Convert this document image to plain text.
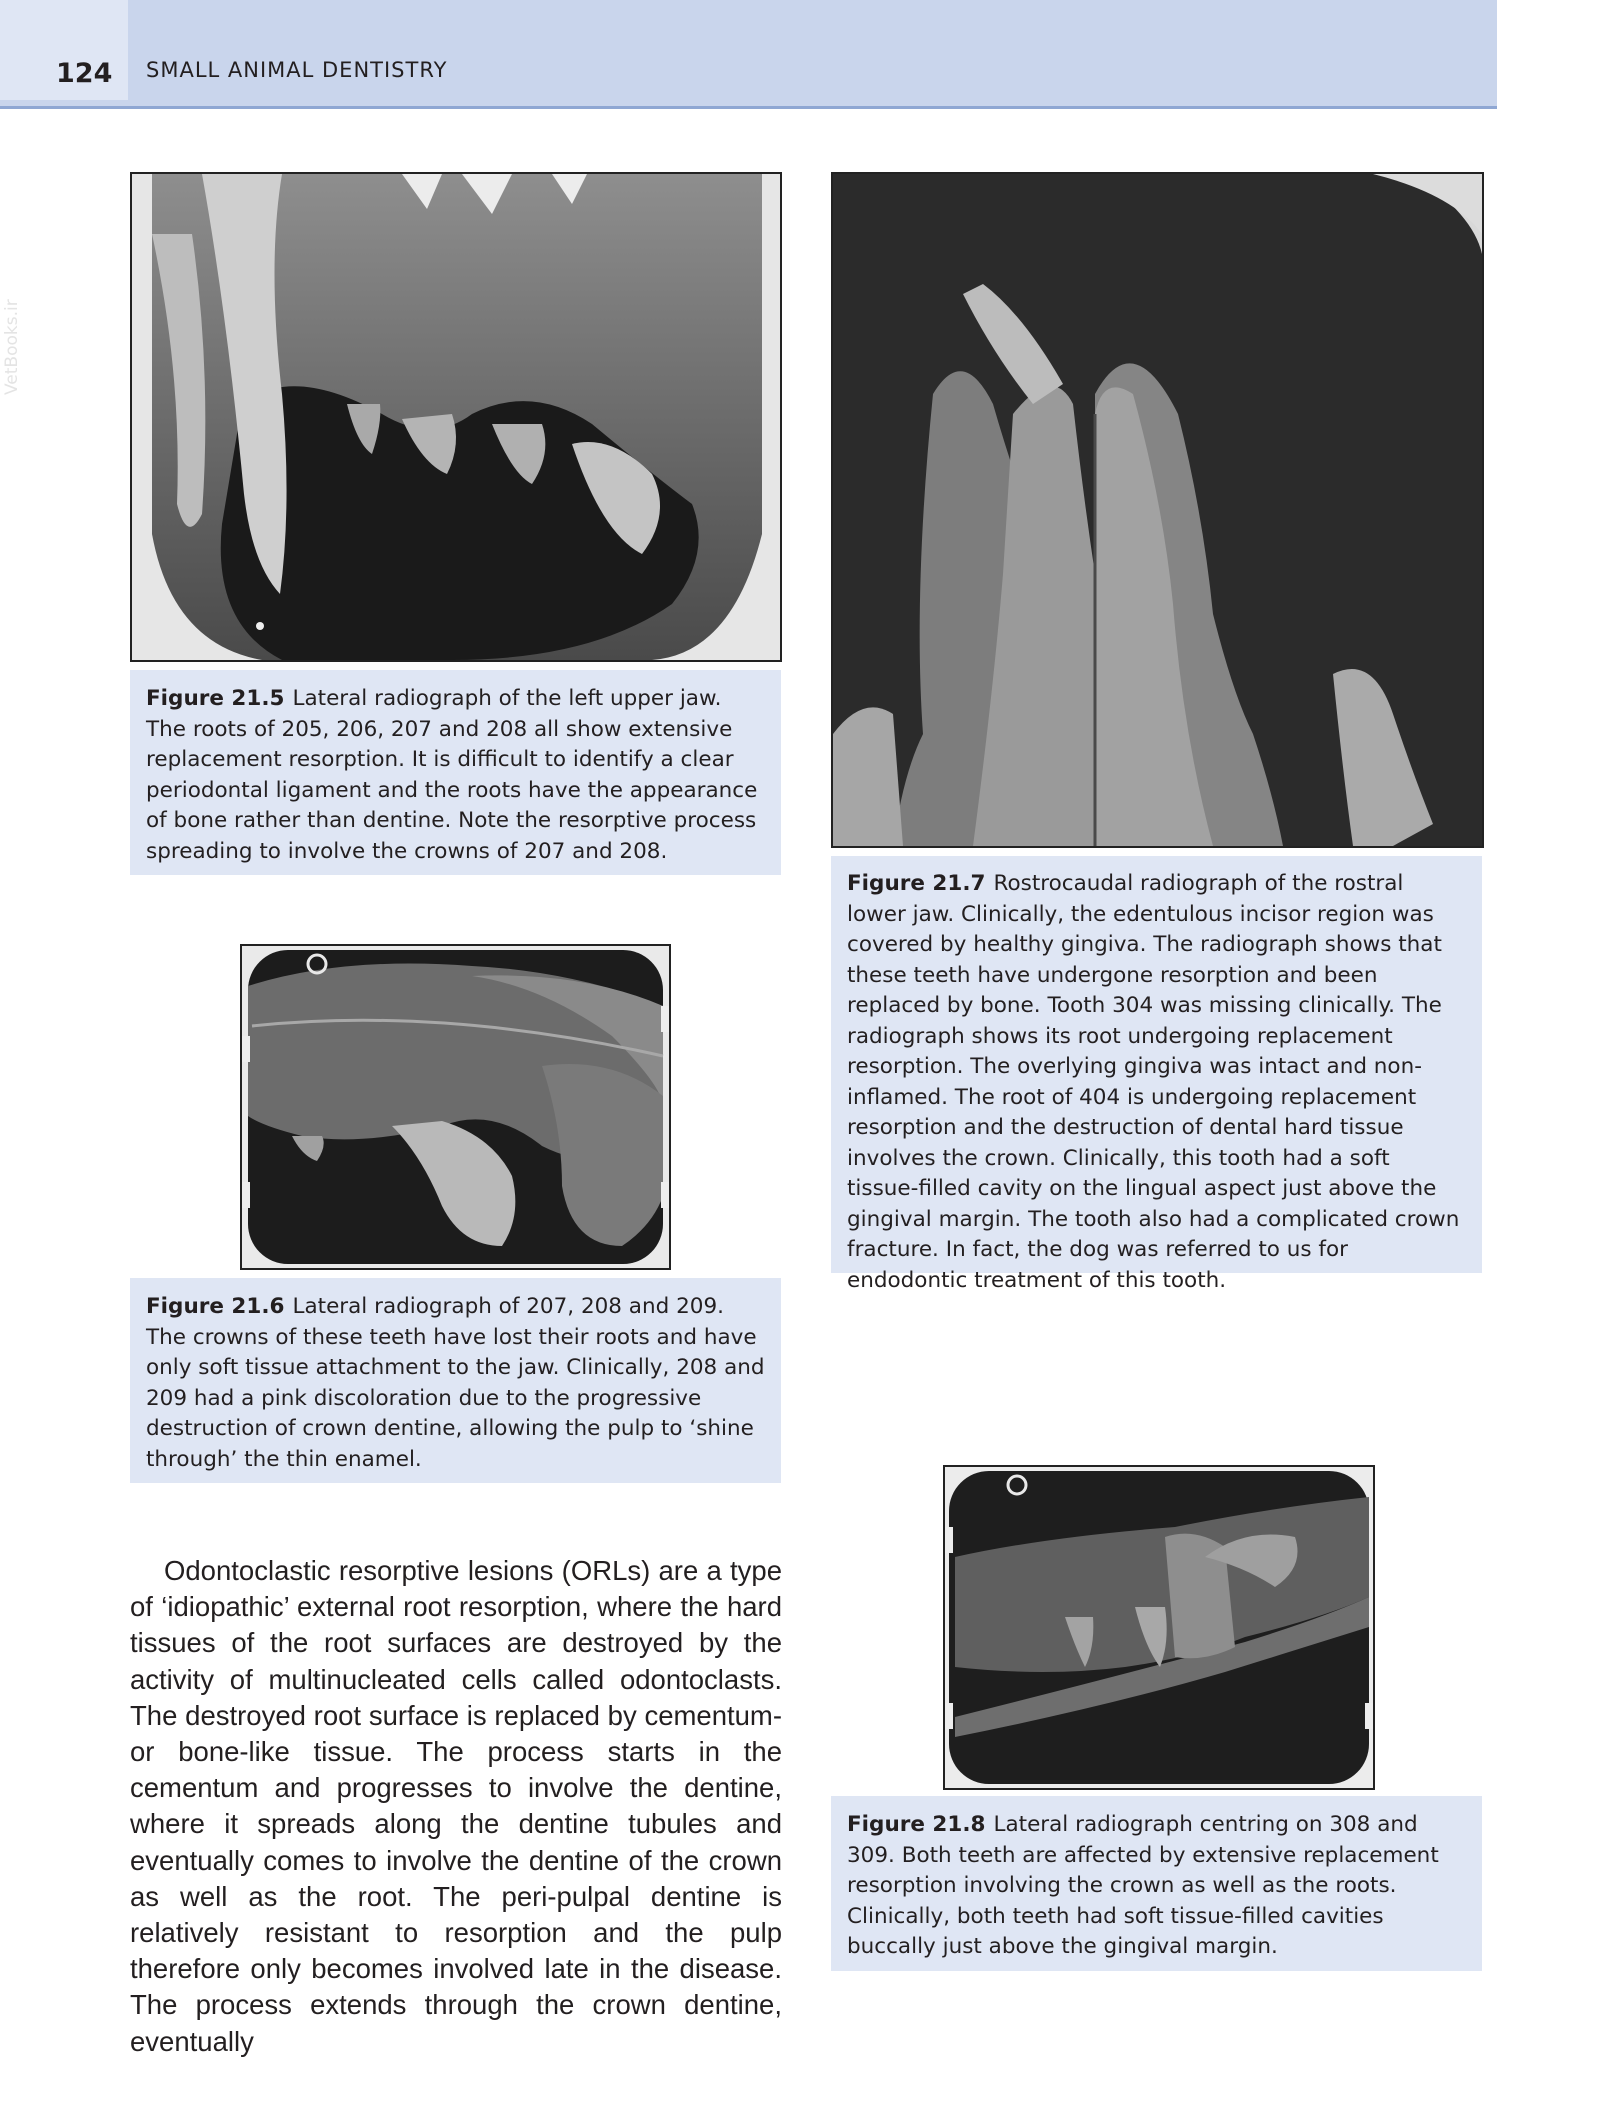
124 SMALL ANIMAL DENTISTRY
VetBooks.ir
Figure 21.5 Lateral radiograph of the left upper jaw. The roots of 205, 206, 207 and 208 all show extensive replacement resorption. It is difficult to identify a clear periodontal ligament and the roots have the appearance of bone rather than dentine. Note the resorptive process spreading to involve the crowns of 207 and 208.
Figure 21.7 Rostrocaudal radiograph of the rostral lower jaw. Clinically, the edentulous incisor region was covered by healthy gingiva. The radiograph shows that these teeth have undergone resorption and been replaced by bone. Tooth 304 was missing clinically. The radiograph shows its root undergoing replacement resorption. The overlying gingiva was intact and non-inflamed. The root of 404 is undergoing replacement resorption and the destruction of dental hard tissue involves the crown. Clinically, this tooth had a soft tissue-filled cavity on the lingual aspect just above the gingival margin. The tooth also had a complicated crown fracture. In fact, the dog was referred to us for endodontic treatment of this tooth.
Figure 21.6 Lateral radiograph of 207, 208 and 209. The crowns of these teeth have lost their roots and have only soft tissue attachment to the jaw. Clinically, 208 and 209 had a pink discoloration due to the progressive destruction of crown dentine, allowing the pulp to ‘shine through’ the thin enamel.
Figure 21.8 Lateral radiograph centring on 308 and 309. Both teeth are affected by extensive replacement resorption involving the crown as well as the roots. Clinically, both teeth had soft tissue-filled cavities buccally just above the gingival margin.

Odontoclastic resorptive lesions (ORLs) are a type of ‘idiopathic’ external root resorption, where the hard tissues of the root surfaces are destroyed by the activity of multinucleated cells called odontoclasts. The destroyed root surface is replaced by cementum- or bone-like tissue. The process starts in the cementum and progresses to involve the dentine, where it spreads along the dentine tubules and eventually comes to involve the dentine of the crown as well as the root. The peri-pulpal dentine is relatively resistant to resorption and the pulp therefore only becomes involved late in the disease. The process extends through the crown dentine, eventually
